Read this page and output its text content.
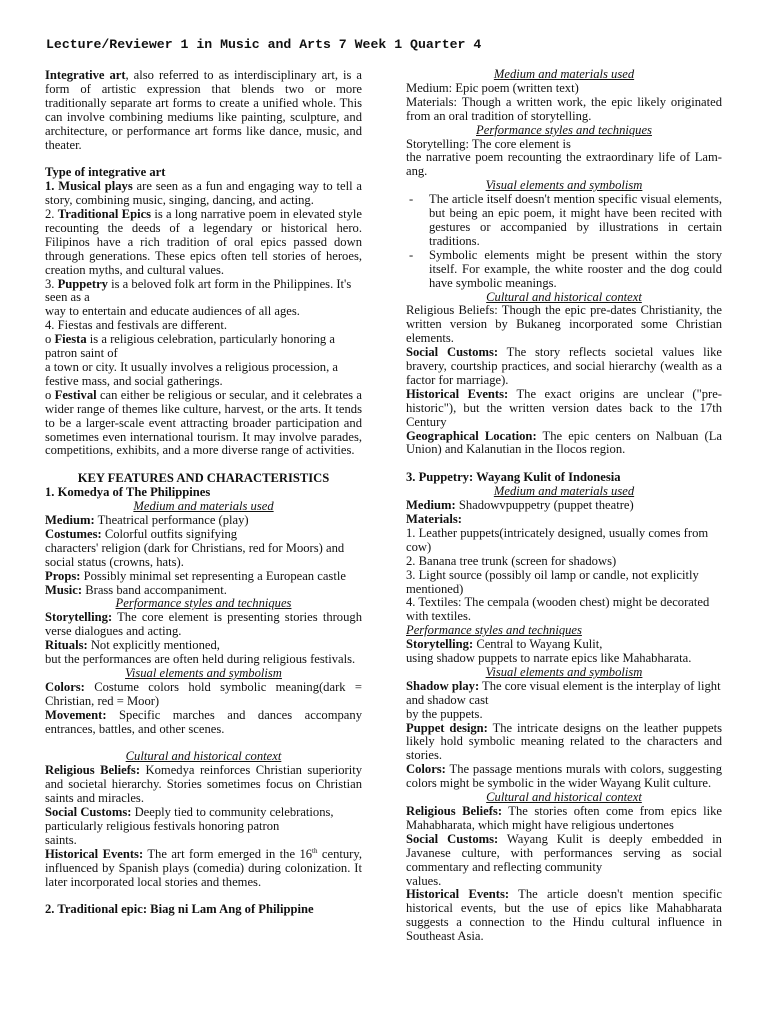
Lecture/Reviewer 1 in Music and Arts 7 Week 1 Quarter 4

Integrative art, also referred to as interdisciplinary art, is a form of artistic expression that blends two or more traditionally separate art forms to create a unified whole. This can involve combining mediums like painting, sculpture, and architecture, or performance art forms like dance, music, and theater.

Type of integrative art

1. Musical plays are seen as a fun and engaging way to tell a story, combining music, singing, dancing, and acting.

2. Traditional Epics is a long narrative poem in elevated style recounting the deeds of a legendary or historical hero. Filipinos have a rich tradition of oral epics passed down through generations. These epics often tell stories of heroes, creation myths, and cultural values.

3. Puppetry is a beloved folk art form in the Philippines. It's seen as a

way to entertain and educate audiences of all ages.

4. Fiestas and festivals are different.

o Fiesta is a religious celebration, particularly honoring a patron saint of

a town or city. It usually involves a religious procession, a festive mass, and social gatherings.

o Festival can either be religious or secular, and it celebrates a wider range of themes like culture, harvest, or the arts. It tends to be a larger-scale event attracting broader participation and sometimes even international tourism. It may involve parades, competitions, exhibits, and a more diverse range of activities.

KEY FEATURES AND CHARACTERISTICS

1. Komedya of The Philippines

Medium and materials used

Medium: Theatrical performance (play)

Costumes: Colorful outfits signifying

characters' religion (dark for Christians, red for Moors) and social status (crowns, hats).

Props: Possibly minimal set representing a European castle

Music: Brass band accompaniment.

Performance styles and techniques

Storytelling: The core element is presenting stories through verse dialogues and acting.

Rituals: Not explicitly mentioned,

but the performances are often held during religious festivals.

Visual elements and symbolism

Colors: Costume colors hold symbolic meaning(dark = Christian, red = Moor)

Movement: Specific marches and dances accompany entrances, battles, and other scenes.

Cultural and historical context

Religious Beliefs: Komedya reinforces Christian superiority and societal hierarchy. Stories sometimes focus on Christian saints and miracles.

Social Customs: Deeply tied to community celebrations, particularly religious festivals honoring patron

saints.

Historical Events: The art form emerged in the 16th century, influenced by Spanish plays (comedia) during colonization. It later incorporated local stories and themes.

2. Traditional epic: Biag ni Lam Ang of Philippine

Medium and materials used

Medium: Epic poem (written text)

Materials: Though a written work, the epic likely originated from an oral tradition of storytelling.

Performance styles and techniques

Storytelling: The core element is

the narrative poem recounting the extraordinary life of Lam-ang.

Visual elements and symbolism

- The article itself doesn't mention specific visual elements, but being an epic poem, it might have been recited with gestures or accompanied by illustrations in certain traditions.
- Symbolic elements might be present within the story itself. For example, the white rooster and the dog could have symbolic meanings.

Cultural and historical context

Religious Beliefs: Though the epic pre-dates Christianity, the written version by Bukaneg incorporated some Christian elements.

Social Customs: The story reflects societal values like bravery, courtship practices, and social hierarchy (wealth as a factor for marriage).

Historical Events: The exact origins are unclear ("pre-historic"), but the written version dates back to the 17th Century

Geographical Location: The epic centers on Nalbuan (La Union) and Kalanutian in the Ilocos region.

3. Puppetry: Wayang Kulit of Indonesia

Medium and materials used

Medium: Shadowvpuppetry (puppet theatre)

Materials:

1. Leather puppets(intricately designed, usually comes from cow)

2. Banana tree trunk (screen for shadows)

3. Light source (possibly oil lamp or candle, not explicitly mentioned)

4. Textiles: The cempala (wooden chest) might be decorated with textiles.

Performance styles and techniques

Storytelling: Central to Wayang Kulit,

using shadow puppets to narrate epics like Mahabharata.

Visual elements and symbolism

Shadow play: The core visual element is the interplay of light and shadow cast

by the puppets.

Puppet design: The intricate designs on the leather puppets likely hold symbolic meaning related to the characters and stories.

Colors: The passage mentions murals with colors, suggesting colors might be symbolic in the wider Wayang Kulit culture.

Cultural and historical context

Religious Beliefs: The stories often come from epics like Mahabharata, which might have religious undertones

Social Customs: Wayang Kulit is deeply embedded in Javanese culture, with performances serving as social commentary and reflecting community

values.

Historical Events: The article doesn't mention specific historical events, but the use of epics like Mahabharata suggests a connection to the Hindu cultural influence in Southeast Asia.
